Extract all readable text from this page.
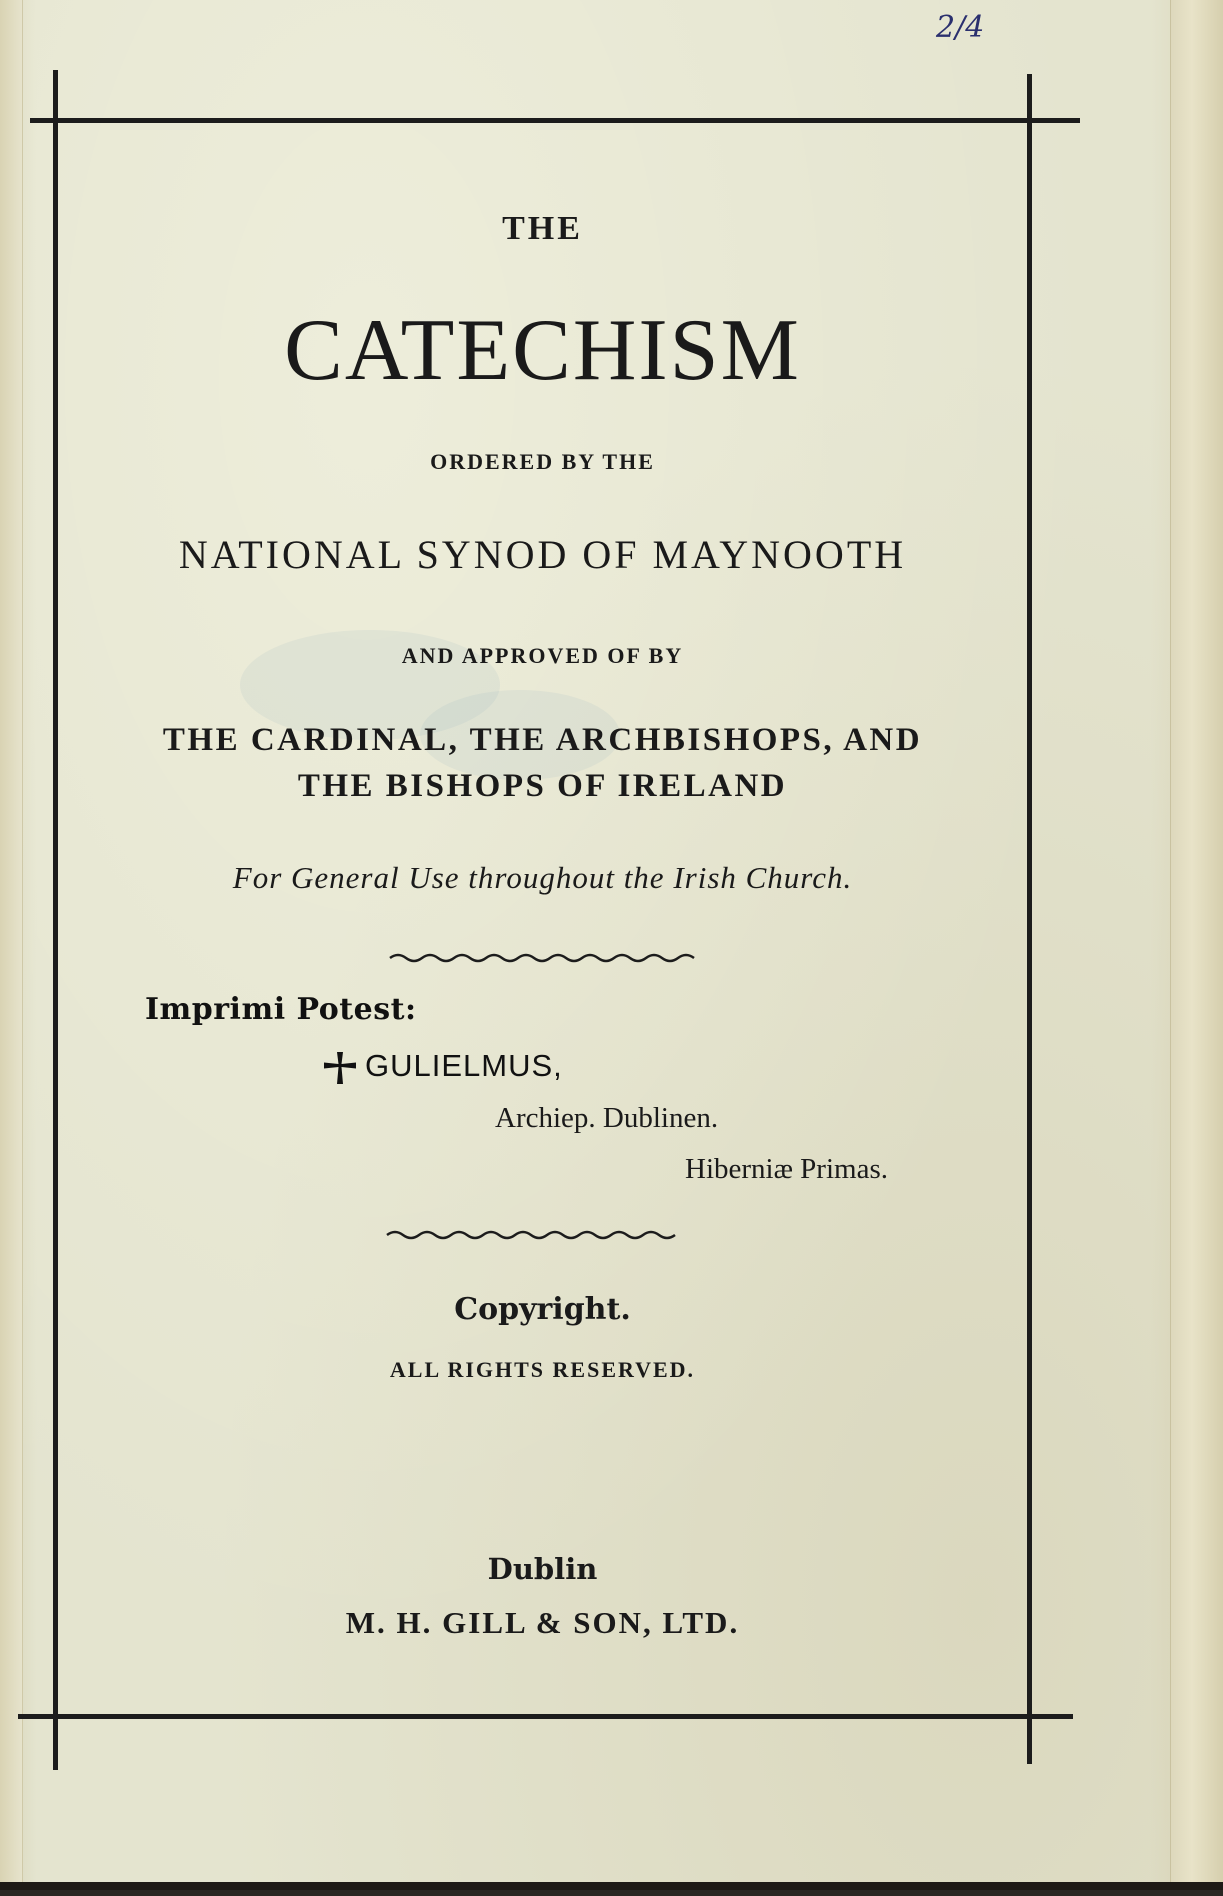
2/4
THE
CATECHISM
ORDERED BY THE
NATIONAL SYNOD OF MAYNOOTH
AND APPROVED OF BY
THE CARDINAL, THE ARCHBISHOPS, AND
THE BISHOPS OF IRELAND
For General Use throughout the Irish Church.
Imprimi Potest:
GULIELMUS,
Archiep. Dublinen.
Hiberniæ Primas.
Copyright.
ALL RIGHTS RESERVED.
Dublin
M. H. GILL & SON, LTD.
